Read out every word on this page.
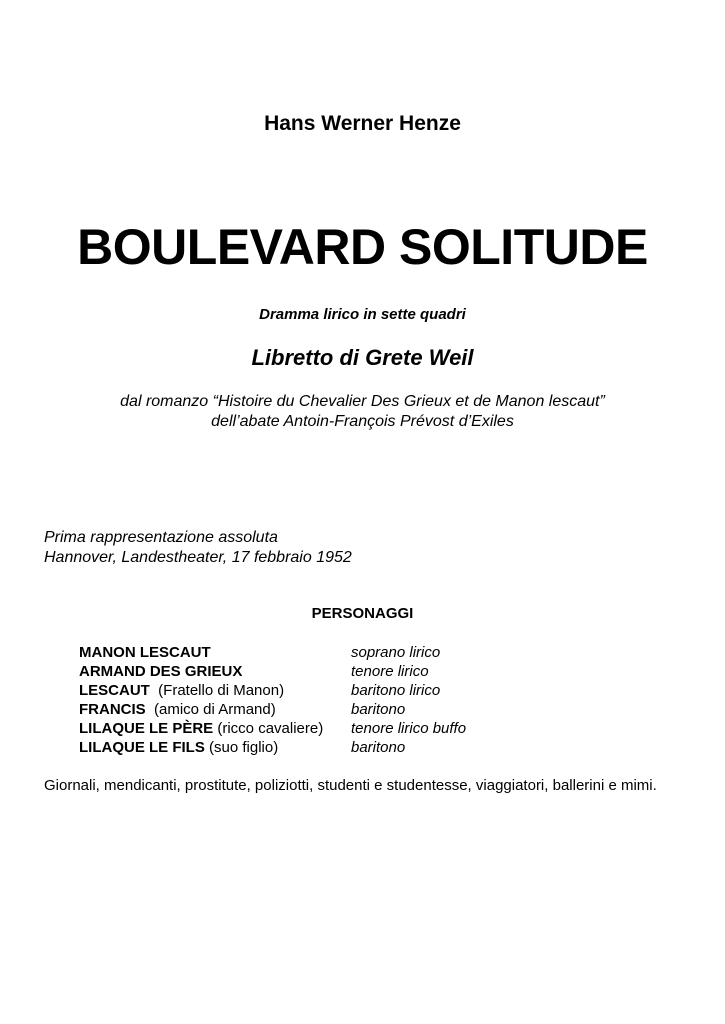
Hans Werner Henze
BOULEVARD SOLITUDE
Dramma lirico in sette quadri
Libretto di Grete Weil
dal romanzo “Histoire du Chevalier Des Grieux et de Manon lescaut”
dell’abate Antoin-François Prévost d’Exiles
Prima rappresentazione assoluta
Hannover, Landestheater, 17 febbraio 1952
PERSONAGGI
MANON LESCAUT	soprano lirico
ARMAND DES GRIEUX	tenore lirico
LESCAUT  (Fratello di Manon)	baritono lirico
FRANCIS  (amico di Armand)	baritono
LILAQUE LE PÈRE (ricco cavaliere)	tenore lirico buffo
LILAQUE LE FILS (suo figlio)	baritono
Giornali, mendicanti, prostitute, poliziotti, studenti e studentesse, viaggiatori, ballerini e mimi.
